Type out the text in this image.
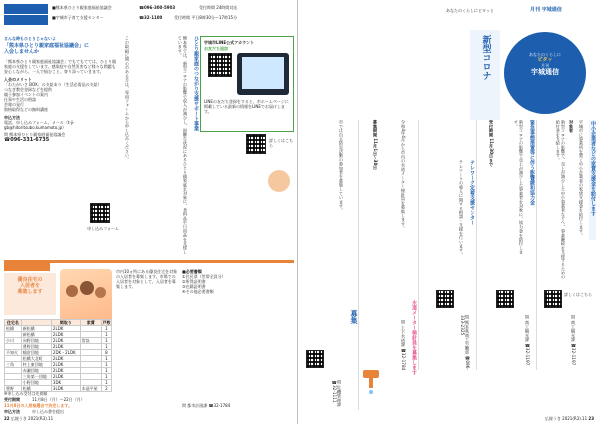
感染症対策
■熊本県ひとり親家庭福祉協議会	☎096-300-5903	受付時間 24時間対応
■宇城市子育て支援センター	☎32-1100	受付時間 平日8時30分〜17時15分
さんな時もひとりじゃないよ
「熊本県ひとり親家庭福祉協議会」に
入会しませんか
「熊本県ひとり親家庭福祉協議会」でもてもてては、ひとり親家庭の支援をしています。感染症や自然災害など様々な問題も安心しながら、一人で悩むこと、寄り添っていきます。
入会のメリット
「わたがいさ BOX」の支給あり（生活必需品の支給）
つなぎ教会登録などを提供
親子参加イベントの案内
仕事や生活の相談
会報の発行
資格取得などの無料講座
申込方法
電話、申し込みフォーム、メール（t-ji-gb@hitoritsubo.kumamoto.jp）
問 熊本県ひとり親家庭福祉協議会
☎096-331-6735
ひとり親家庭のつながり支援サポート事業
熊本県では、新型コロナの影響で収入が減少し、困難な状況にあるひとり親家庭を対象に、食料品や日用品を支援しています。
この取組に関心のある方は、専用フォームから申し込みください。	宇城市LINE公式アカウント
お友だち追加
LINEの友だち登録をすると、市ホームページに掲載している最新の情報をLINEでお届けします。
詳しくはこちら
申し込みフォーム
優良住宅の
入居者を
募集します
市内10ヵ所にある優良住宅を対象の入居者を募集します。市場での入居者を対象として、入居者を募集します。
■必要書類
①住民票（世帯全員分）
②所得証明書
③在籍証明書
④その他必要書類
住宅名		間取り	家賃	戸数
松橋	新松橋	2LDK		1
	新松橋	2LDK		1
小川	向野団地	2LDK	常設	1
	豊野団地	2LDK		1
不知火	稲倉団地	2DK・2LDK		8
	松橋大北町	2LDK		1
三角	村上東団地	2LDK		1
	赤瀬団地	2LDK		1
	三角第一団地	2LDK		1
	小野団地	3DK		1
豊野	松橋	3LDK	木造平屋	2
※申し込み受付は先着順
受付期間	11月8日（月）〜22日（月）
11月8日の入居抽選会で決定します。
申込方法	申し込み書を提出
問 都市計画課 ☎32-1784
22 広報うき 2021(R3).11
あなたのくらしにピタッと	月刊 宇城通信
あなたのくらしに
ピタッ
月刊
宇城通信
新型コロナ
中小企業者などの家賃支援金を給付します
宇城市に事業所を置く中小企業者の家賃支援金を給付します。
対象者
新型コロナの影響で、売上が減少した中小事業者などへ、事業継続を支援するための給付金を支給します。
詳しくはこちら
問 商工観光課 ☎32-1197
緊急事態措置等に伴う影響緩和協力金
新型コロナの影響で売上が減少した事業者を対象に、協力金を給付します。
受付期間 11月30日まで
問 商工観光課 ☎32-1197
テレワーク定着支援センター
テレワークの導入に関する相談・支援を行います。
問 熊本県商工労働部 ☎096-333-2325
水道メーター検針員を募集します
令和4年4月から市内の水道メーター検針員を募集します。
募集期間 11月1日〜30日
問 上下水道課 ☎32-1784
募集
市では自主防災活動の参加者を募集しています。
問 危機管理課 ☎32-1111
広報うき 2021(R3).11 23
